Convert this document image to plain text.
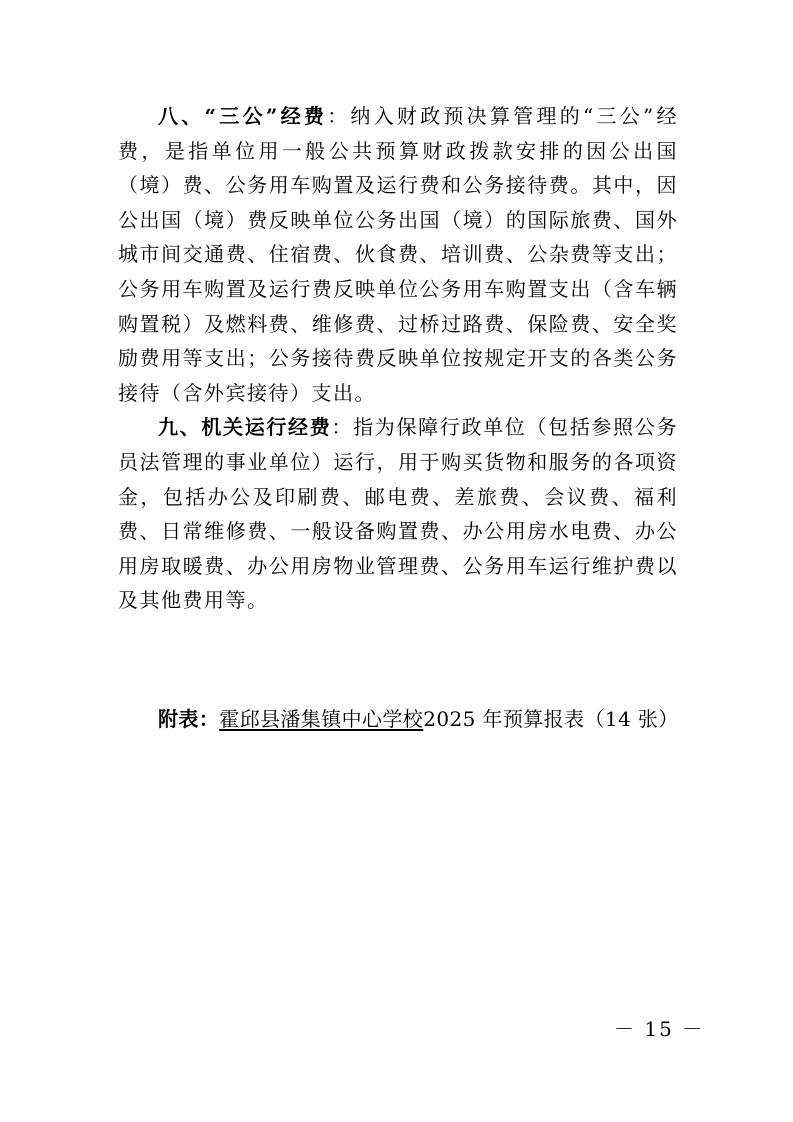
八、“三公”经费：纳入财政预决算管理的“三公”经费，是指单位用一般公共预算财政拨款安排的因公出国（境）费、公务用车购置及运行费和公务接待费。其中，因公出国（境）费反映单位公务出国（境）的国际旅费、国外城市间交通费、住宿费、伙食费、培训费、公杂费等支出；公务用车购置及运行费反映单位公务用车购置支出（含车辆购置税）及燃料费、维修费、过桥过路费、保险费、安全奖励费用等支出；公务接待费反映单位按规定开支的各类公务接待（含外宾接待）支出。

九、机关运行经费：指为保障行政单位（包括参照公务员法管理的事业单位）运行，用于购买货物和服务的各项资金，包括办公及印刷费、邮电费、差旅费、会议费、福利费、日常维修费、一般设备购置费、办公用房水电费、办公用房取暖费、办公用房物业管理费、公务用车运行维护费以及其他费用等。

附表：霍邱县潘集镇中心学校2025 年预算报表（14 张）
－ 15 －
